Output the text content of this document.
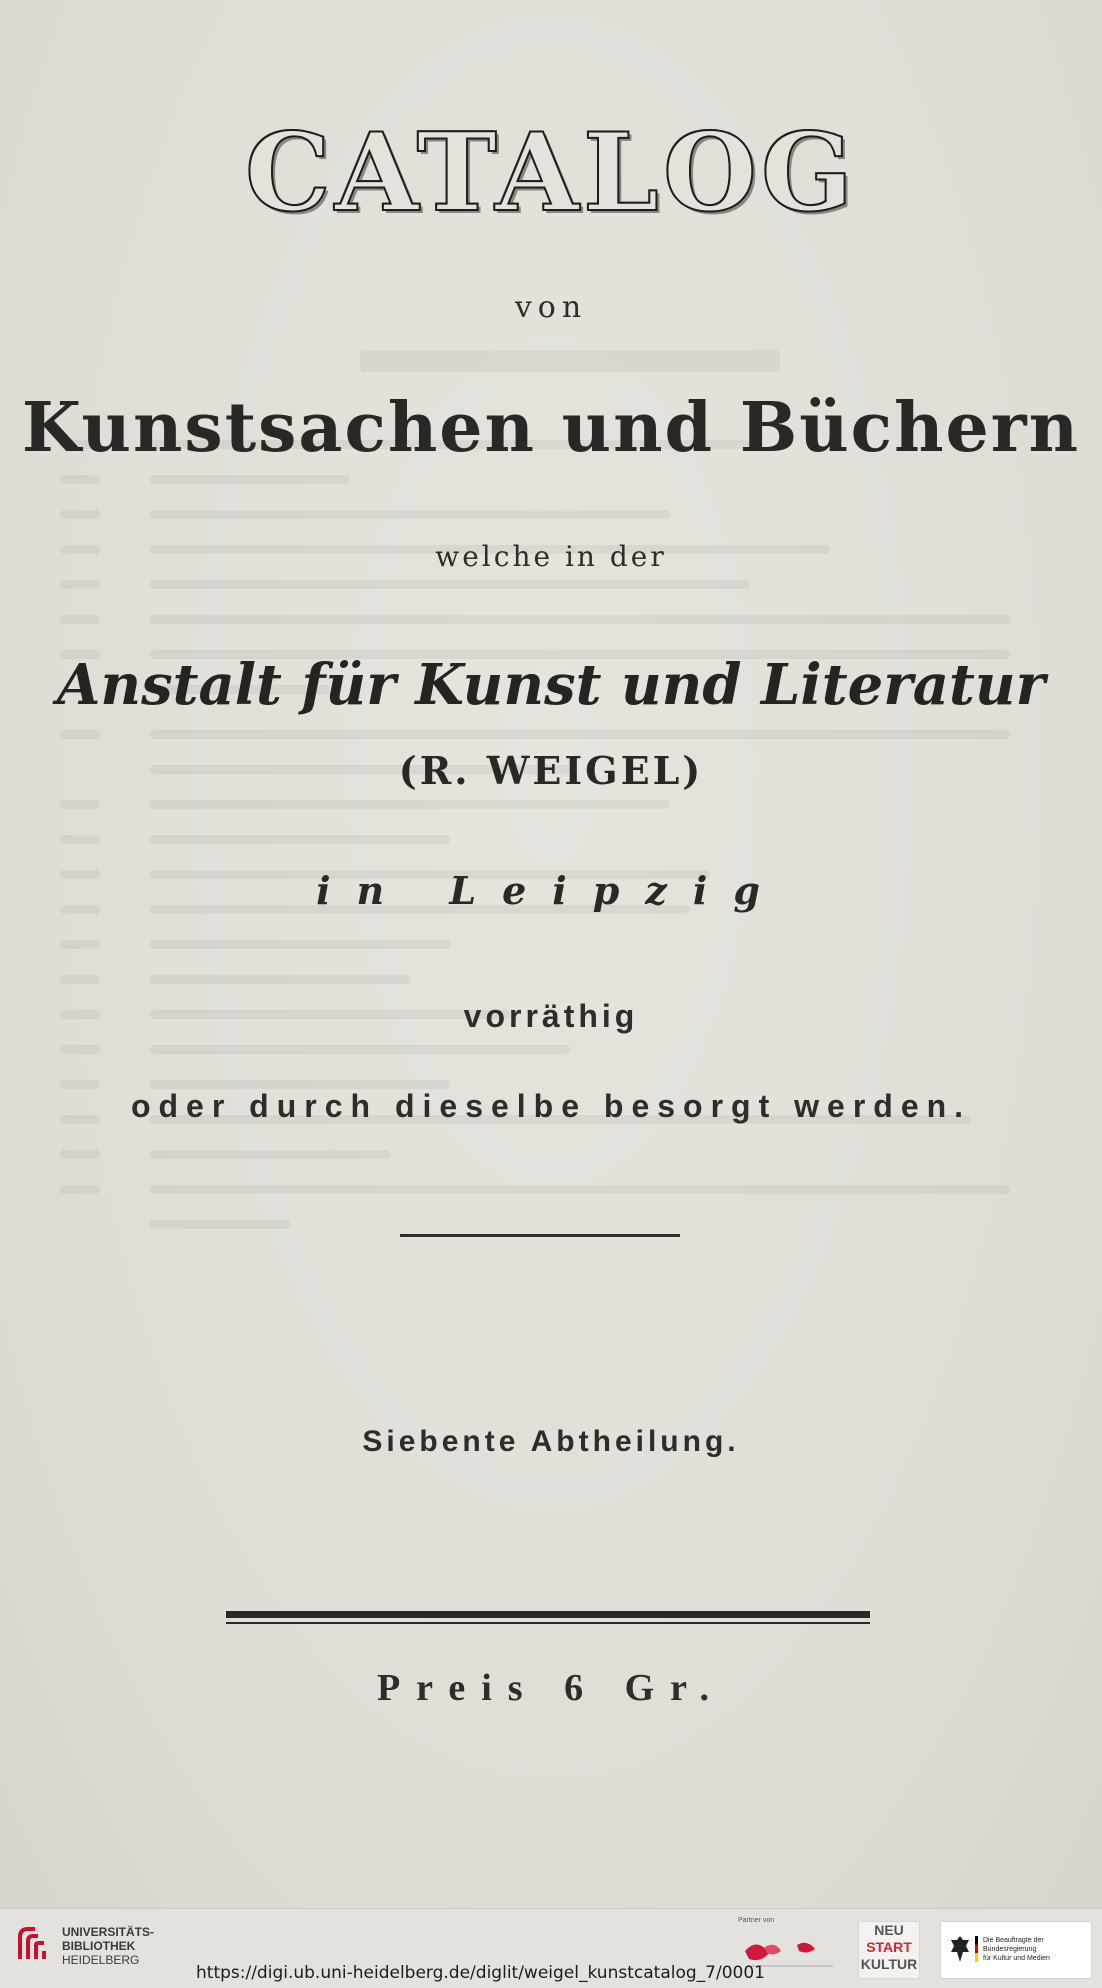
CATALOG
von
Kunstsachen und Büchern
welche in der
Anstalt für Kunst und Literatur
(R. WEIGEL)
in Leipzig
vorräthig
oder durch dieselbe besorgt werden.
Siebente Abtheilung.
Preis 6 Gr.
UNIVERSITÄTS-
BIBLIOTHEK
HEIDELBERG
Partner von
NEU
START
KULTUR
Die Beauftragte der Bundesregierung
für Kultur und Medien
https://digi.ub.uni-heidelberg.de/diglit/weigel_kunstcatalog_7/0001
